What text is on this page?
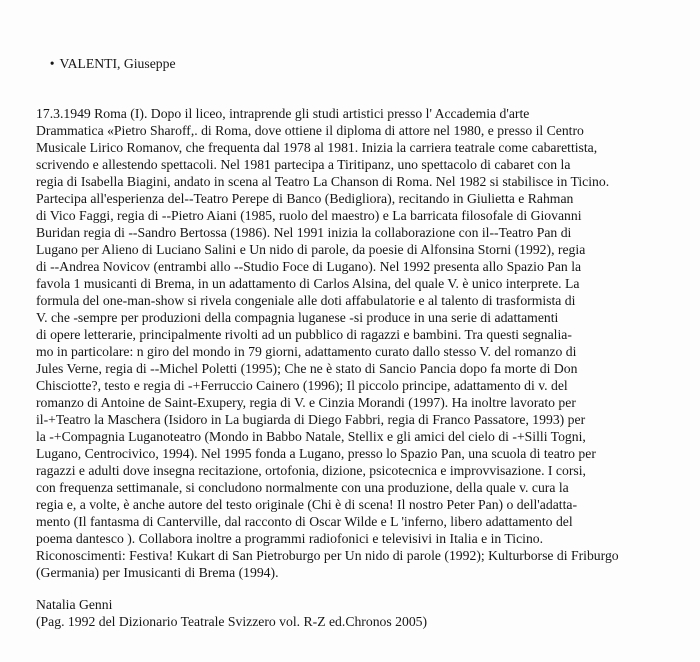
• VALENTI, Giuseppe

17.3.1949 Roma (I). Dopo il liceo, intraprende gli studi artistici presso l' Accademia d'arte
Drammatica «Pietro Sharoff,. di Roma, dove ottiene il diploma di attore nel 1980, e presso il Centro
Musicale Lirico Romanov, che frequenta dal 1978 al 1981. Inizia la carriera teatrale come cabarettista,
scrivendo e allestendo spettacoli. Nel 1981 partecipa a Tiritipanz, uno spettacolo di cabaret con la
regia di Isabella Biagini, andato in scena al Teatro La Chanson di Roma. Nel 1982 si stabilisce in Ticino.
Partecipa all'esperienza del--Teatro Perepe di Banco (Bedigliora), recitando in Giulietta e Rahman
di Vico Faggi, regia di --Pietro Aiani (1985, ruolo del maestro) e La barricata filosofale di Giovanni
Buridan regia di --Sandro Bertossa (1986). Nel 1991 inizia la collaborazione con il--Teatro Pan di
Lugano per Alieno di Luciano Salini e Un nido di parole, da poesie di Alfonsina Storni (1992), regia
di --Andrea Novicov (entrambi allo --Studio Foce di Lugano). Nel 1992 presenta allo Spazio Pan la
favola 1 musicanti di Brema, in un adattamento di Carlos Alsina, del quale V. è unico interprete. La
formula del one-man-show si rivela congeniale alle doti affabulatorie e al talento di trasformista di
V. che -sempre per produzioni della compagnia luganese -si produce in una serie di adattamenti
di opere letterarie, principalmente rivolti ad un pubblico di ragazzi e bambini. Tra questi segnalia-
mo in particolare: n giro del mondo in 79 giorni, adattamento curato dallo stesso V. del romanzo di
Jules Verne, regia di --Michel Poletti (1995); Che ne è stato di Sancio Pancia dopo fa morte di Don
Chisciotte?, testo e regia di -+Ferruccio Cainero (1996); Il piccolo principe, adattamento di v. del
romanzo di Antoine de Saint-Exupery, regia di V. e Cinzia Morandi (1997). Ha inoltre lavorato per
il-+Teatro la Maschera (Isidoro in La bugiarda di Diego Fabbri, regia di Franco Passatore, 1993) per
la -+Compagnia Luganoteatro (Mondo in Babbo Natale, Stellix e gli amici del cielo di -+Silli Togni,
Lugano, Centrocivico, 1994). Nel 1995 fonda a Lugano, presso lo Spazio Pan, una scuola di teatro per
ragazzi e adulti dove insegna recitazione, ortofonia, dizione, psicotecnica e improvvisazione. I corsi,
con frequenza settimanale, si concludono normalmente con una produzione, della quale v. cura la
regia e, a volte, è anche autore del testo originale (Chi è di scena! Il nostro Peter Pan) o dell'adatta-
mento (Il fantasma di Canterville, dal racconto di Oscar Wilde e L 'inferno, libero adattamento del
poema dantesco ). Collabora inoltre a programmi radiofonici e televisivi in Italia e in Ticino.
Riconoscimenti: Festiva! Kukart di San Pietroburgo per Un nido di parole (1992); Kulturborse di Friburgo
(Germania) per Imusicanti di Brema (1994).
Natalia Genni
(Pag. 1992 del Dizionario Teatrale Svizzero vol. R-Z ed.Chronos 2005)
